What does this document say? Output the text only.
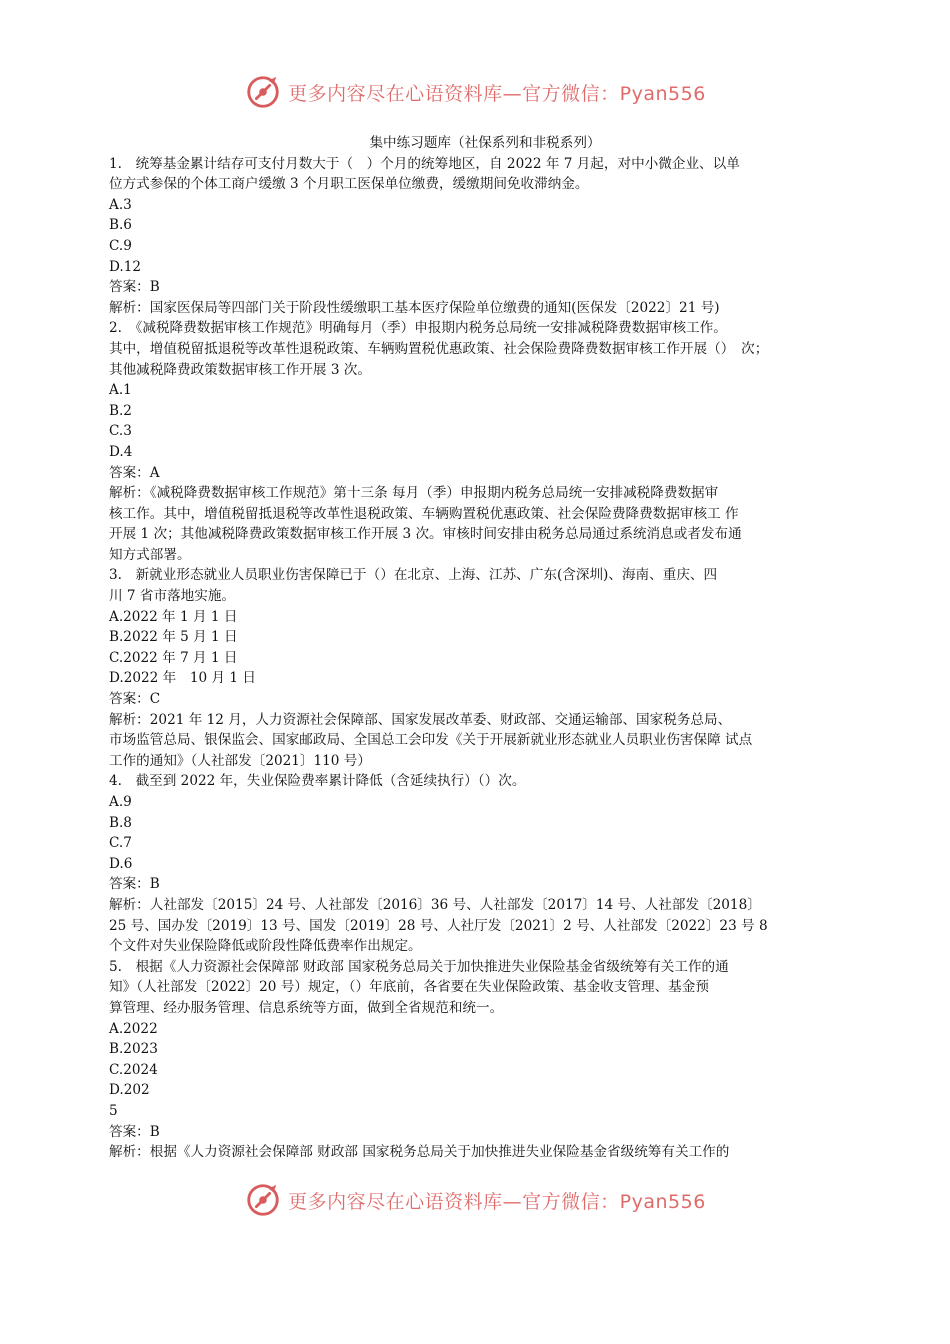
更多内容尽在心语资料库—官方微信：Pyan556

集中练习题库（社保系列和非税系列）

1.　统筹基金累计结存可支付月数大于（　）个月的统筹地区，自 2022 年 7 月起，对中小微企业、以单

位方式参保的个体工商户缓缴 3 个月职工医保单位缴费，缓缴期间免收滞纳金。

A.3

B.6

C.9

D.12

答案：B

解析：国家医保局等四部门关于阶段性缓缴职工基本医疗保险单位缴费的通知(医保发〔2022〕21 号)

2.　《减税降费数据审核工作规范》明确每月（季）申报期内税务总局统一安排减税降费数据审核工作。

其中，增值税留抵退税等改革性退税政策、车辆购置税优惠政策、社会保险费降费数据审核工作开展（）　次；

其他减税降费政策数据审核工作开展 3 次。

A.1

B.2

C.3

D.4

答案：A

解析：《减税降费数据审核工作规范》第十三条 每月（季）申报期内税务总局统一安排减税降费数据审

核工作。其中，增值税留抵退税等改革性退税政策、车辆购置税优惠政策、社会保险费降费数据审核工 作

开展 1 次；其他减税降费政策数据审核工作开展 3 次。审核时间安排由税务总局通过系统消息或者发布通

知方式部署。

3.　新就业形态就业人员职业伤害保障已于（）在北京、上海、江苏、广东(含深圳)、海南、重庆、四

川 7 省市落地实施。

A.2022 年 1 月 1 日

B.2022 年 5 月 1 日

C.2022 年 7 月 1 日

D.2022 年　10 月 1 日

答案：C

解析：2021 年 12 月，人力资源社会保障部、国家发展改革委、财政部、交通运输部、国家税务总局、

市场监管总局、银保监会、国家邮政局、全国总工会印发《关于开展新就业形态就业人员职业伤害保障 试点

工作的通知》（人社部发〔2021〕110 号）

4.　截至到 2022 年，失业保险费率累计降低（含延续执行）（）次。

A.9

B.8

C.7

D.6

答案：B

解析：人社部发〔2015〕24 号、人社部发〔2016〕36 号、人社部发〔2017〕14 号、人社部发〔2018〕

25 号、国办发〔2019〕13 号、国发〔2019〕28 号、人社厅发〔2021〕2 号、人社部发〔2022〕23 号 8

个文件对失业保险降低或阶段性降低费率作出规定。

5.　根据《人力资源社会保障部 财政部 国家税务总局关于加快推进失业保险基金省级统筹有关工作的通

知》（人社部发〔2022〕20 号）规定，（）年底前，各省要在失业保险政策、基金收支管理、基金预

算管理、经办服务管理、信息系统等方面，做到全省规范和统一。

A.2022

B.2023

C.2024

D.202

5

答案：B

解析：根据《人力资源社会保障部 财政部 国家税务总局关于加快推进失业保险基金省级统筹有关工作的

更多内容尽在心语资料库—官方微信：Pyan556
